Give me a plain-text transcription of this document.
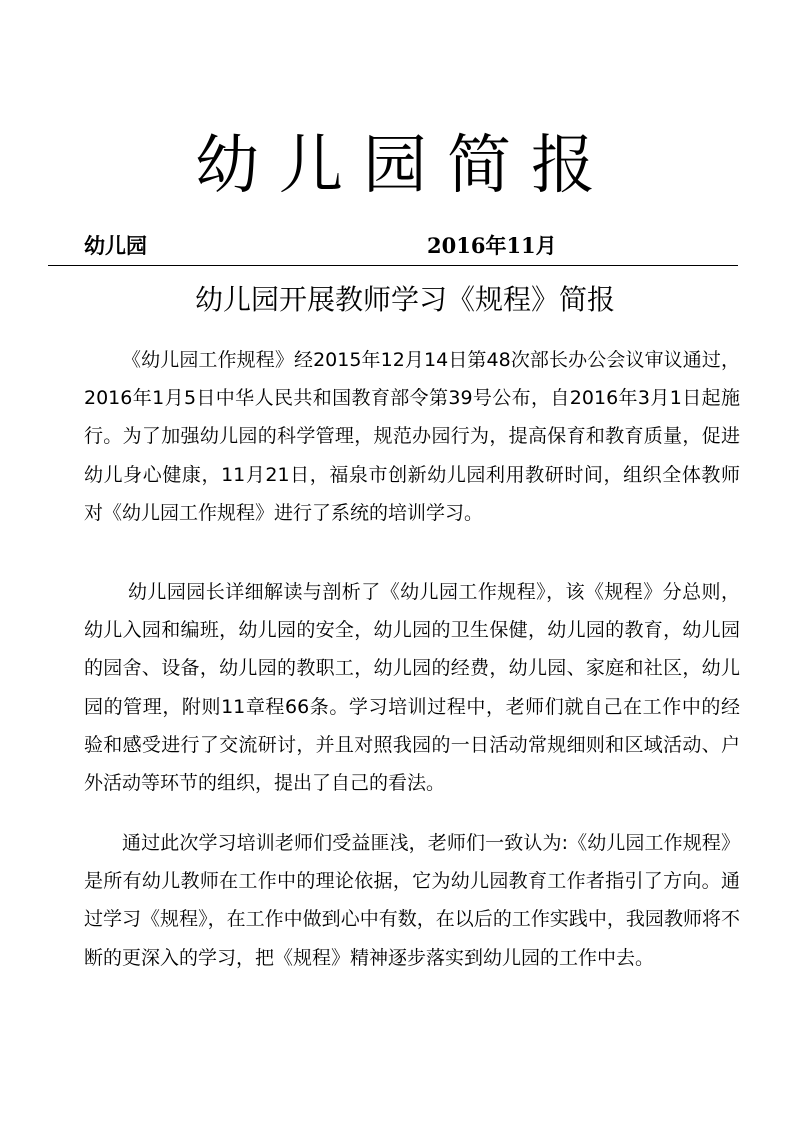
幼儿园简报
幼儿园	2016年11月
幼儿园开展教师学习《规程》简报

《幼儿园工作规程》经2015年12月14日第48次部长办公会议审议通过，2016年1月5日中华人民共和国教育部令第39号公布，自2016年3月1日起施行。为了加强幼儿园的科学管理，规范办园行为，提高保育和教育质量，促进幼儿身心健康，11月21日，福泉市创新幼儿园利用教研时间，组织全体教师对《幼儿园工作规程》进行了系统的培训学习。

幼儿园园长详细解读与剖析了《幼儿园工作规程》，该《规程》分总则，幼儿入园和编班，幼儿园的安全，幼儿园的卫生保健，幼儿园的教育，幼儿园的园舍、设备，幼儿园的教职工，幼儿园的经费，幼儿园、家庭和社区，幼儿园的管理，附则11章程66条。学习培训过程中，老师们就自己在工作中的经验和感受进行了交流研讨，并且对照我园的一日活动常规细则和区域活动、户外活动等环节的组织，提出了自己的看法。

通过此次学习培训老师们受益匪浅，老师们一致认为:《幼儿园工作规程》是所有幼儿教师在工作中的理论依据，它为幼儿园教育工作者指引了方向。通过学习《规程》，在工作中做到心中有数，在以后的工作实践中，我园教师将不断的更深入的学习，把《规程》精神逐步落实到幼儿园的工作中去。
